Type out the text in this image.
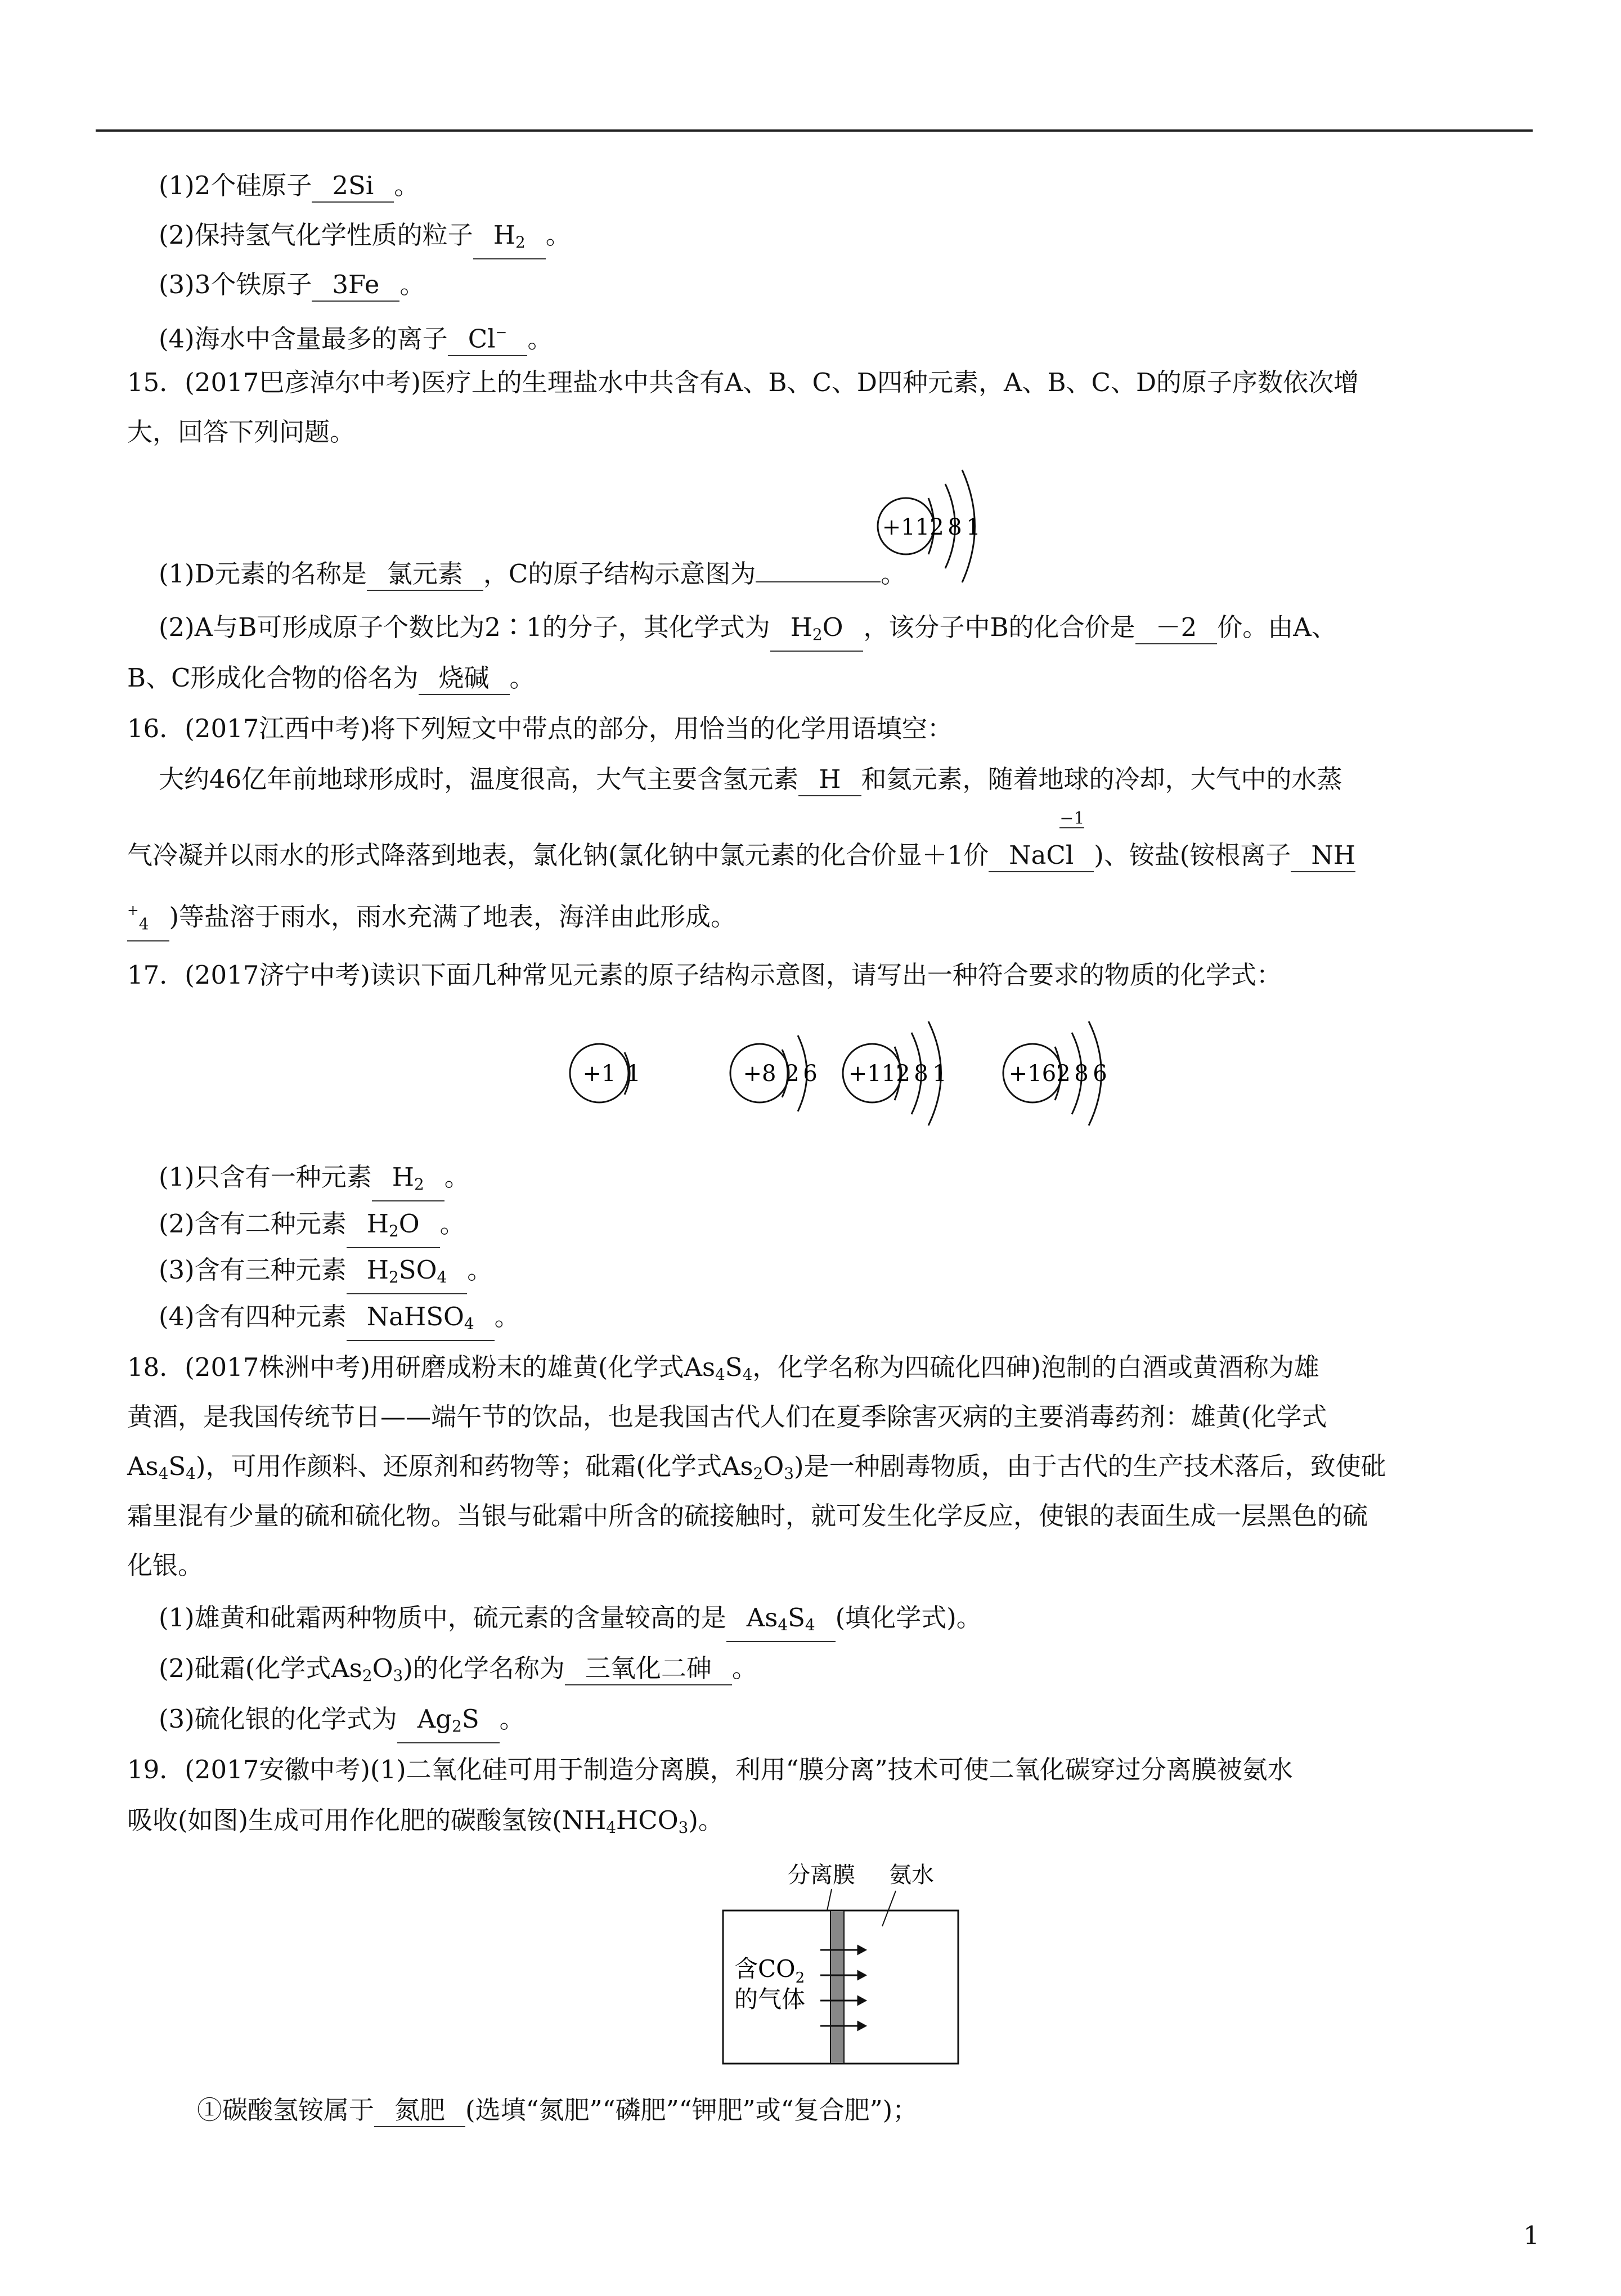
(1)2个硅原子 2Si 。
(2)保持氢气化学性质的粒子 $H_2$ 。
(3)3个铁原子 3Fe 。
(4)海水中含量最多的离子 Cl− 。
15．(2017巴彦淖尔中考)医疗上的生理盐水中共含有A、B、C、D四种元素，A、B、C、D的原子序数依次增
大，回答下列问题。
+11 2 8 1
(1)D元素的名称是 氯元素 ，C的原子结构示意图为	。
(2)A与B可形成原子个数比为2∶1的分子，其化学式为 $H_2O$ ，该分子中B的化合价是 －2 价。由A、
B、C形成化合物的俗名为 烧碱 。
16．(2017江西中考)将下列短文中带点的部分，用恰当的化学用语填空：
大约46亿年前地球形成时，温度很高，大气主要含氢元素 H 和氦元素，随着地球的冷却，大气中的水蒸
气冷凝并以雨水的形式降落到地表，氯化钠(氯化钠中氯元素的化合价显＋1价 NaCl
−1
)、铵盐(铵根离子 NH
+$_4$ )等盐溶于雨水，雨水充满了地表，海洋由此形成。
17．(2017济宁中考)读识下面几种常见元素的原子结构示意图，请写出一种符合要求的物质的化学式：
+1 1	+8 2 6 +11 2 8 1	+16 2 8 6
(1)只含有一种元素 $H_2$ 。
(2)含有二种元素 $H_2O$ 。
(3)含有三种元素 $H_2SO_4$ 。
(4)含有四种元素 NaHSO$_4$ 。
18．(2017株洲中考)用研磨成粉末的雄黄(化学式$As_4S_4$，化学名称为四硫化四砷)泡制的白酒或黄酒称为雄
黄酒，是我国传统节日——端午节的饮品，也是我国古代人们在夏季除害灭病的主要消毒药剂：雄黄(化学式
$As_4S_4$)，可用作颜料、还原剂和药物等；砒霜(化学式$As_2O_3$)是一种剧毒物质，由于古代的生产技术落后，致使砒
霜里混有少量的硫和硫化物。当银与砒霜中所含的硫接触时，就可发生化学反应，使银的表面生成一层黑色的硫
化银。
(1)雄黄和砒霜两种物质中，硫元素的含量较高的是 $As_4S_4$ (填化学式)。
(2)砒霜(化学式$As_2O_3$)的化学名称为 三氧化二砷 。
(3)硫化银的化学式为 $Ag_2S$ 。
19．(2017安徽中考)(1)二氧化硅可用于制造分离膜，利用“膜分离”技术可使二氧化碳穿过分离膜被氨水
吸收(如图)生成可用作化肥的碳酸氢铵$(NH_4HCO_3)$。
分离膜 氨水
含$CO_2$
的气体
①碳酸氢铵属于 氮肥 (选填“氮肥”“磷肥”“钾肥”或“复合肥”)；
1
